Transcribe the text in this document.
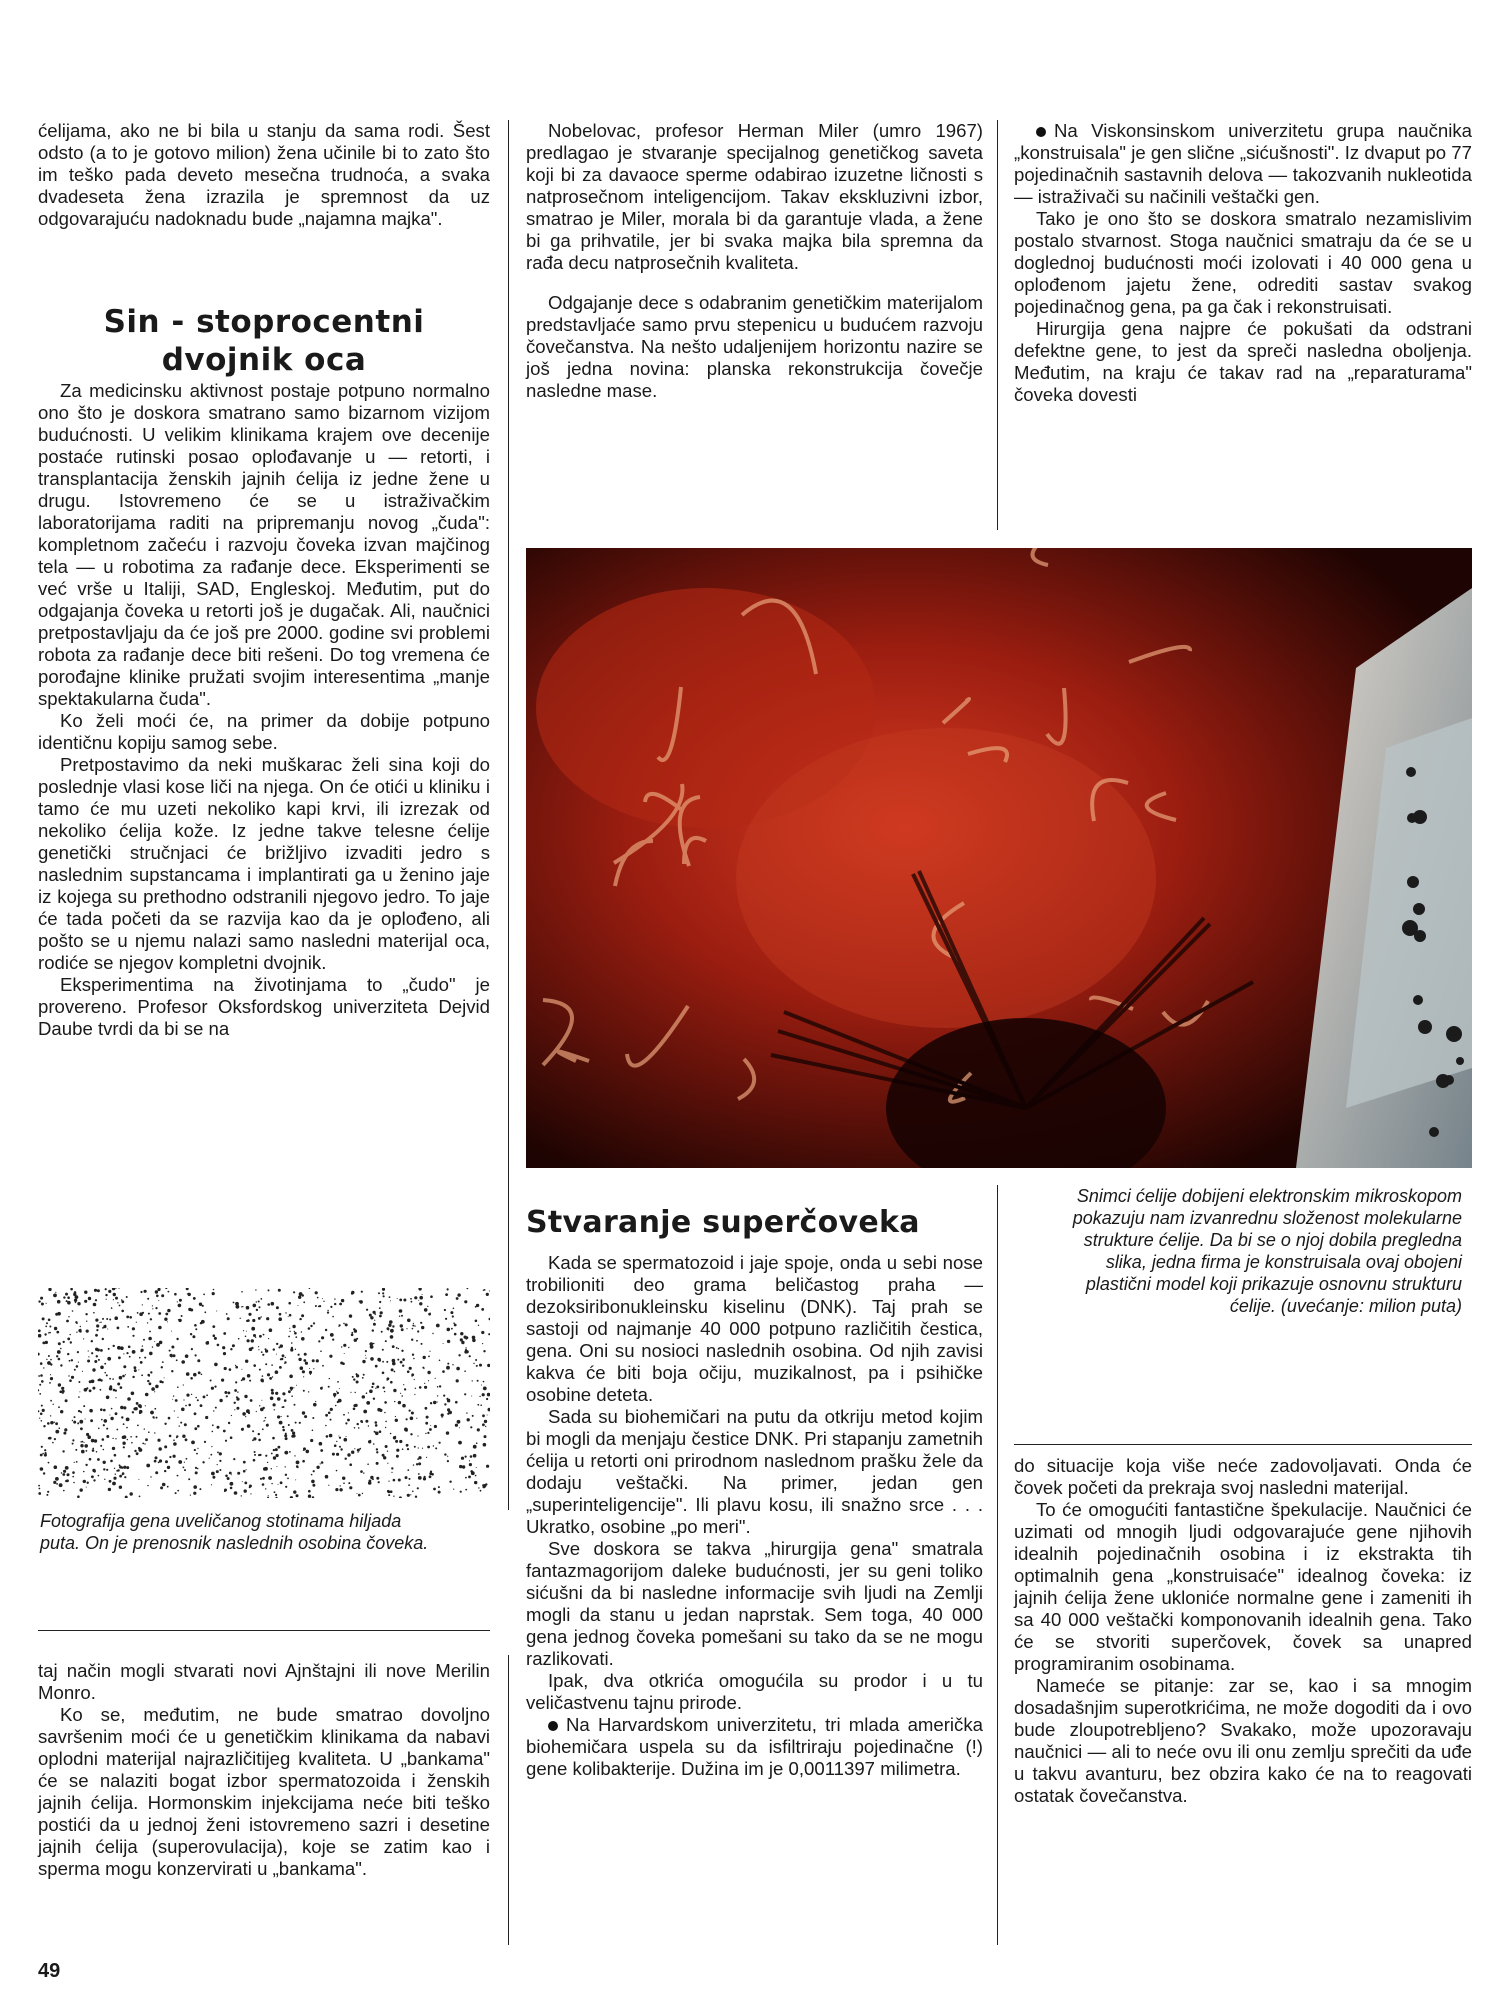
ćelijama, ako ne bi bila u stanju da sama rodi. Šest odsto (a to je gotovo milion) žena učinile bi to zato što im teško pada deveto mesečna trudnoća, a svaka dvadeseta žena izrazila je spremnost da uz odgovarajuću nadoknadu bude „najamna majka".

Sin - stoprocentni dvojnik oca

Za medicinsku aktivnost postaje potpuno normalno ono što je doskora smatrano samo bizarnom vizijom budućnosti. U velikim klinikama krajem ove decenije postaće rutinski posao oplođavanje u — retorti, i transplantacija ženskih jajnih ćelija iz jedne žene u drugu. Istovremeno će se u istraživačkim laboratorijama raditi na pripremanju novog „čuda": kompletnom začeću i razvoju čoveka izvan majčinog tela — u robotima za rađanje dece. Eksperimenti se već vrše u Italiji, SAD, Engleskoj. Međutim, put do odgajanja čoveka u retorti još je dugačak. Ali, naučnici pretpostavljaju da će još pre 2000. godine svi problemi robota za rađanje dece biti rešeni. Do tog vremena će porođajne klinike pružati svojim interesentima „manje spektakularna čuda".

Ko želi moći će, na primer da dobije potpuno identičnu kopiju samog sebe.

Pretpostavimo da neki muškarac želi sina koji do poslednje vlasi kose liči na njega. On će otići u kliniku i tamo će mu uzeti nekoliko kapi krvi, ili izrezak od nekoliko ćelija kože. Iz jedne takve telesne ćelije genetički stručnjaci će brižljivo izvaditi jedro s naslednim supstancama i implantirati ga u ženino jaje iz kojega su prethodno odstranili njegovo jedro. To jaje će tada početi da se razvija kao da je oplođeno, ali pošto se u njemu nalazi samo nasledni materijal oca, rodiće se njegov kompletni dvojnik.

Eksperimentima na životinjama to „čudo" je provereno. Profesor Oksfordskog univerziteta Dejvid Daube tvrdi da bi se na

Fotografija gena uveličanog stotinama hiljada puta. On je prenosnik naslednih osobina čoveka.

taj način mogli stvarati novi Ajnštajni ili nove Merilin Monro.

Ko se, međutim, ne bude smatrao dovoljno savršenim moći će u genetičkim klinikama da nabavi oplodni materijal najrazličitijeg kvaliteta. U „bankama" će se nalaziti bogat izbor spermatozoida i ženskih jajnih ćelija. Hormonskim injekcijama neće biti teško postići da u jednoj ženi istovremeno sazri i desetine jajnih ćelija (superovulacija), koje se zatim kao i sperma mogu konzervirati u „bankama".

Nobelovac, profesor Herman Miler (umro 1967) predlagao je stvaranje specijalnog genetičkog saveta koji bi za davaoce sperme odabirao izuzetne ličnosti s natprosečnom inteligencijom. Takav ekskluzivni izbor, smatrao je Miler, morala bi da garantuje vlada, a žene bi ga prihvatile, jer bi svaka majka bila spremna da rađa decu natprosečnih kvaliteta.

Odgajanje dece s odabranim genetičkim materijalom predstavljaće samo prvu stepenicu u budućem razvoju čovečanstva. Na nešto udaljenijem horizontu nazire se još jedna novina: planska rekonstrukcija čovečje nasledne mase.

Na Viskonsinskom univerzitetu grupa naučnika „konstruisala" je gen slične „sićušnosti". Iz dvaput po 77 pojedinačnih sastavnih delova — takozvanih nukleotida — istraživači su načinili veštački gen.

Tako je ono što se doskora smatralo nezamislivim postalo stvarnost. Stoga naučnici smatraju da će se u doglednoj budućnosti moći izolovati i 40 000 gena u oplođenom jajetu žene, odrediti sastav svakog pojedinačnog gena, pa ga čak i rekonstruisati.

Hirurgija gena najpre će pokušati da odstrani defektne gene, to jest da spreči nasledna oboljenja. Međutim, na kraju će takav rad na „reparaturama" čoveka dovesti

Snimci ćelije dobijeni elektronskim mikroskopom pokazuju nam izvanrednu složenost molekularne strukture ćelije. Da bi se o njoj dobila pregledna slika, jedna firma je konstruisala ovaj obojeni plastični model koji prikazuje osnovnu strukturu ćelije. (uvećanje: milion puta)
Stvaranje superčoveka

Kada se spermatozoid i jaje spoje, onda u sebi nose trobilioniti deo grama beličastog praha — dezoksiribonukleinsku kiselinu (DNK). Taj prah se sastoji od najmanje 40 000 potpuno različitih čestica, gena. Oni su nosioci naslednih osobina. Od njih zavisi kakva će biti boja očiju, muzikalnost, pa i psihičke osobine deteta.

Sada su biohemičari na putu da otkriju metod kojim bi mogli da menjaju čestice DNK. Pri stapanju zametnih ćelija u retorti oni prirodnom naslednom prašku žele da dodaju veštački. Na primer, jedan gen „superinteligencije". Ili plavu kosu, ili snažno srce . . . Ukratko, osobine „po meri".

Sve doskora se takva „hirurgija gena" smatrala fantazmagorijom daleke budućnosti, jer su geni toliko sićušni da bi nasledne informacije svih ljudi na Zemlji mogli da stanu u jedan naprstak. Sem toga, 40 000 gena jednog čoveka pomešani su tako da se ne mogu razlikovati.

Ipak, dva otkrića omogućila su prodor i u tu veličastvenu tajnu prirode.

Na Harvardskom univerzitetu, tri mlada američka biohemičara uspela su da isfiltriraju pojedinačne (!) gene kolibakterije. Dužina im je 0,0011397 milimetra.

do situacije koja više neće zadovoljavati. Onda će čovek početi da prekraja svoj nasledni materijal.

To će omogućiti fantastične špekulacije. Naučnici će uzimati od mnogih ljudi odgovarajuće gene njihovih idealnih pojedinačnih osobina i iz ekstrakta tih optimalnih gena „konstruisaće" idealnog čoveka: iz jajnih ćelija žene ukloniće normalne gene i zameniti ih sa 40 000 veštački komponovanih idealnih gena. Tako će se stvoriti superčovek, čovek sa unapred programiranim osobinama.

Nameće se pitanje: zar se, kao i sa mnogim dosadašnjim superotkrićima, ne može dogoditi da i ovo bude zloupotrebljeno? Svakako, može upozoravaju naučnici — ali to neće ovu ili onu zemlju sprečiti da uđe u takvu avanturu, bez obzira kako će na to reagovati ostatak čovečanstva.

49
